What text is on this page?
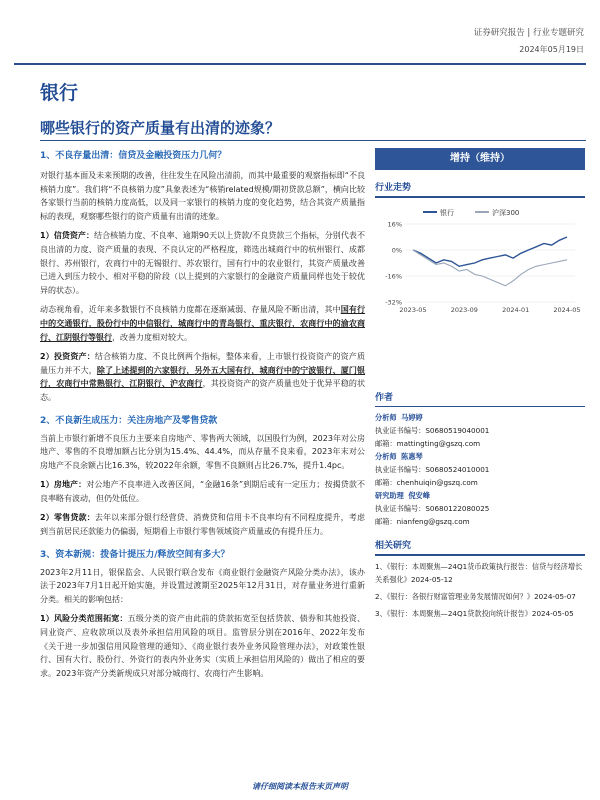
证券研究报告 | 行业专题研究
2024年05月19日
银行
哪些银行的资产质量有出清的迹象？
1、不良存量出清：信贷及金融投资压力几何？
对银行基本面及未来预期的改善，往往发生在风险出清前，而其中最重要的观察指标即“不良核销力度”。我们将“不良核销力度”具象表述为“核销related规模/期初贷款总额”，横向比较各家银行当前的核销力度高低，以及同一家银行的核销力度的变化趋势，结合其资产质量指标的表现，观察哪些银行的资产质量有出清的迹象。
1）信贷资产：结合核销力度、不良率、逾期90天以上贷款/不良贷款三个指标，分别代表不良出清的力度、资产质量的表现、不良认定的严格程度，筛选出城商行中的杭州银行、成都银行、苏州银行，农商行中的无锡银行、苏农银行，国有行中的农业银行，其资产质量改善已进入到压力较小、相对平稳的阶段（以上提到的六家银行的金融资产质量同样也处于较优异的状态）。
动态视角看，近年来多数银行不良核销力度都在逐渐减弱、存量风险不断出清，其中国有行中的交通银行，股份行中的中信银行，城商行中的青岛银行、重庆银行，农商行中的渝农商行、江阴银行等银行，改善力度相对较大。
2）投资资产：结合核销力度、不良比例两个指标，整体来看，上市银行投资资产的资产质量压力并不大，除了上述提到的六家银行，另外五大国有行，城商行中的宁波银行、厦门银行，农商行中常熟银行、江阴银行、沪农商行，其投资资产的资产质量也处于优异平稳的状态。
2、不良新生成压力：关注房地产及零售贷款
当前上市银行新增不良压力主要来自房地产、零售两大领域，以国股行为例，2023年对公房地产、零售的不良增加额占比分别为15.4%、44.4%，而从存量不良来看，2023年末对公房地产不良余额占比16.3%，较2022年余额，零售不良额则占比26.7%，提升1.4pc。
1）房地产：对公地产不良率进入改善区间，“金融16条”到期后或有一定压力；按揭贷款不良率略有波动，但仍处低位。
2）零售贷款：去年以来部分银行经营贷、消费贷和信用卡不良率均有不同程度提升，考虑到当前居民还款能力仍偏弱，短期看上市银行零售领域资产质量或仍有提升压力。
3、资本新规：拨备计提压力/释放空间有多大？
2023年2月11日，银保监会、人民银行联合发布《商业银行金融资产风险分类办法》，该办法于2023年7月1日起开始实施，并设置过渡期至2025年12月31日，对存量业务进行重新分类。相关的影响包括：
1）风险分类范围拓宽：五级分类的资产由此前的贷款拓宽至包括贷款、债券和其他投资、同业资产、应收款项以及表外承担信用风险的项目。监管层分别在2016年、2022年发布《关于进一步加强信用风险管理的通知》、《商业银行表外业务风险管理办法》，对政策性银行、国有大行、股份行、外资行的表内外业务实（实质上承担信用风险的）做出了相应的要求。2023年资产分类新规成只对部分城商行、农商行产生影响。
增持（维持）
行业走势
16%
0%
-16%
-32%
2023-05	2023-09	2024-01	2024-05
银行	沪深300
作者
分析师 马婷婷
执业证书编号：S0680519040001
邮箱：mattingting@gszq.com
分析师 陈惠琴
执业证书编号：S0680524010001
邮箱：chenhuiqin@gszq.com
研究助理 倪安峰
执业证书编号：S0680122080025
邮箱：nianfeng@gszq.com
相关研究
1、《银行：本周聚焦—24Q1货币政策执行报告：信贷与经济增长关系强化》2024-05-12
2、《银行：各银行财富管理业务发展情况如何？》2024-05-07
3、《银行：本周聚焦—24Q1贷款投向统计报告》2024-05-05
请仔细阅读本报告末页声明
